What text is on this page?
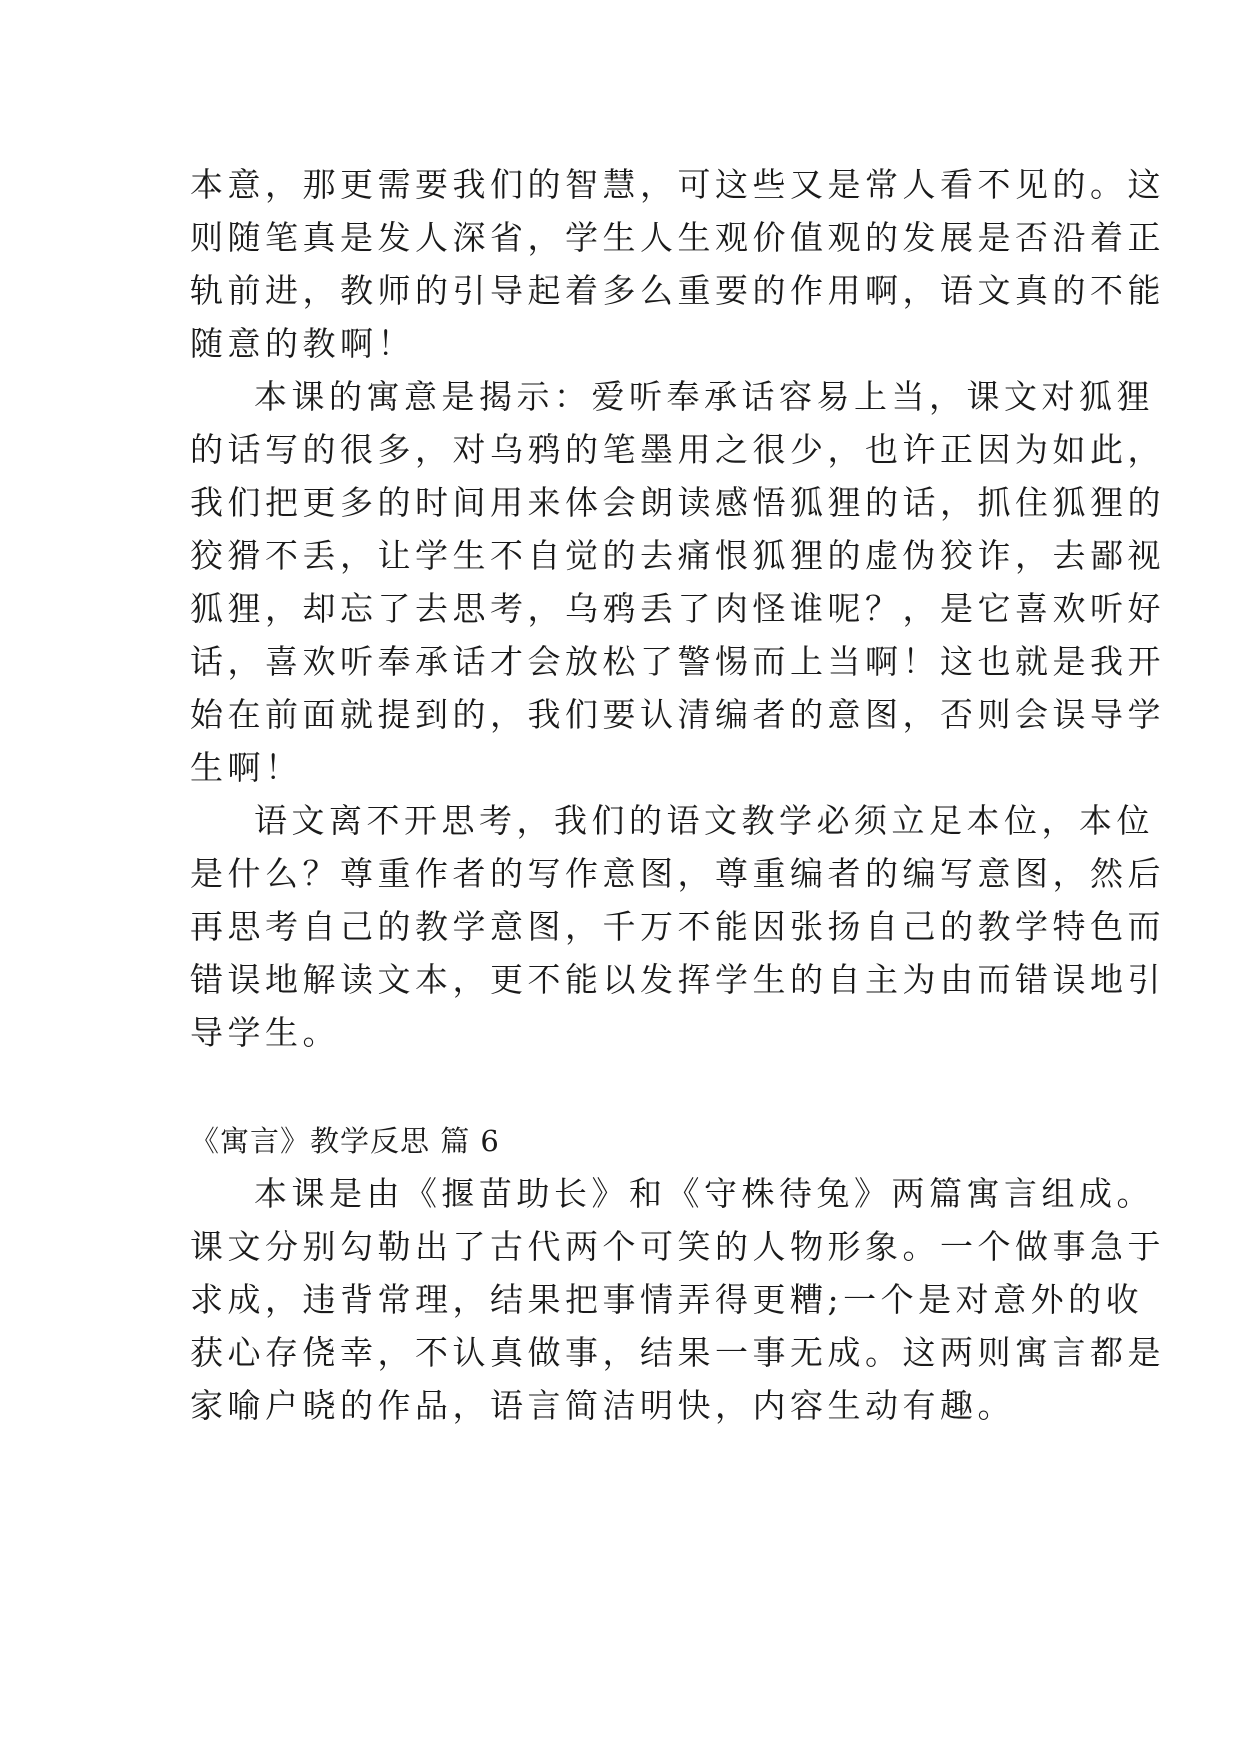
本意，那更需要我们的智慧，可这些又是常人看不见的。这

则随笔真是发人深省，学生人生观价值观的发展是否沿着正

轨前进，教师的引导起着多么重要的作用啊，语文真的不能

随意的教啊！

本课的寓意是揭示：爱听奉承话容易上当，课文对狐狸

的话写的很多，对乌鸦的笔墨用之很少，也许正因为如此，

我们把更多的时间用来体会朗读感悟狐狸的话，抓住狐狸的

狡猾不丢，让学生不自觉的去痛恨狐狸的虚伪狡诈，去鄙视

狐狸，却忘了去思考，乌鸦丢了肉怪谁呢？，是它喜欢听好

话，喜欢听奉承话才会放松了警惕而上当啊！这也就是我开

始在前面就提到的，我们要认清编者的意图，否则会误导学

生啊！

语文离不开思考，我们的语文教学必须立足本位，本位

是什么？尊重作者的写作意图，尊重编者的编写意图，然后

再思考自己的教学意图，千万不能因张扬自己的教学特色而

错误地解读文本，更不能以发挥学生的自主为由而错误地引

导学生。

《寓言》教学反思 篇 6

本课是由《揠苗助长》和《守株待兔》两篇寓言组成。

课文分别勾勒出了古代两个可笑的人物形象。一个做事急于

求成，违背常理，结果把事情弄得更糟;一个是对意外的收

获心存侥幸，不认真做事，结果一事无成。这两则寓言都是

家喻户晓的作品，语言简洁明快，内容生动有趣。
